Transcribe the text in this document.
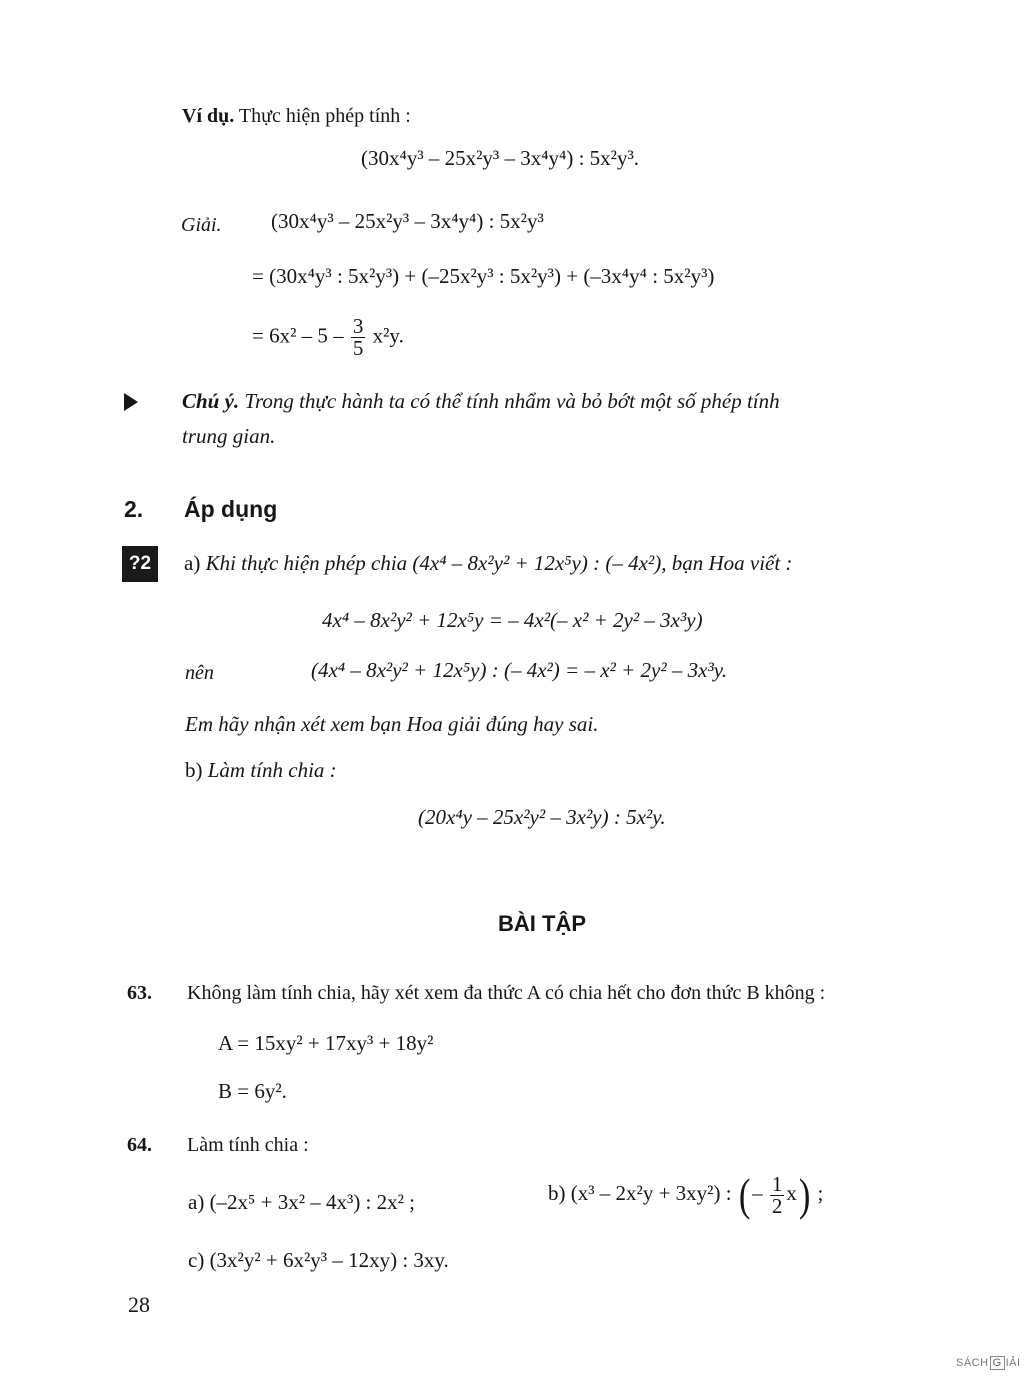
Ví dụ. Thực hiện phép tính :
(30x⁴y³ – 25x²y³ – 3x⁴y⁴) : 5x²y³.
Giải. (30x⁴y³ – 25x²y³ – 3x⁴y⁴) : 5x²y³
= (30x⁴y³ : 5x²y³) + (–25x²y³ : 5x²y³) + (–3x⁴y⁴ : 5x²y³)
= $6x^2 - 5 - \frac{3}{5} x^2y$.
Chú ý. Trong thực hành ta có thể tính nhẩm và bỏ bớt một số phép tính
trung gian.
2. Áp dụng
?2	a) Khi thực hiện phép chia (4x⁴ – 8x²y² + 12x⁵y) : (– 4x²), bạn Hoa viết :
4x⁴ – 8x²y² + 12x⁵y = – 4x²(– x² + 2y² – 3x³y)
nên	(4x⁴ – 8x²y² + 12x⁵y) : (– 4x²) = – x² + 2y² – 3x³y.
Em hãy nhận xét xem bạn Hoa giải đúng hay sai.
b) Làm tính chia :
(20x⁴y – 25x²y² – 3x²y) : 5x²y.
BÀI TẬP
63. Không làm tính chia, hãy xét xem đa thức A có chia hết cho đơn thức B không :
A = 15xy² + 17xy³ + 18y²
B = 6y².
64. Làm tính chia :
a) (–2x⁵ + 3x² – 4x³) : 2x² ;	b) (x³ – 2x²y + 3xy²) : (– $\frac{1}{2} x$) ;
c) (3x²y² + 6x²y³ – 12xy) : 3xy.
28
SÁCH G IẢI
